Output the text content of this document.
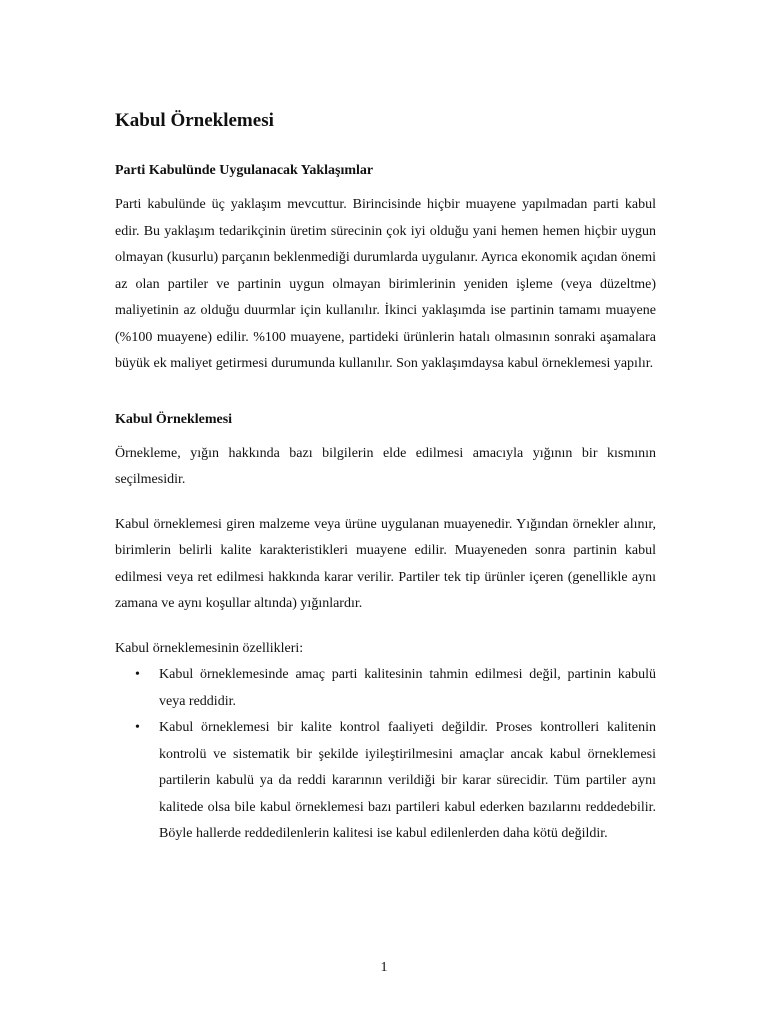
Kabul Örneklemesi
Parti Kabulünde Uygulanacak Yaklaşımlar

Parti kabulünde üç yaklaşım mevcuttur. Birincisinde hiçbir muayene yapılmadan parti kabul edir. Bu yaklaşım tedarikçinin üretim sürecinin çok iyi olduğu yani hemen hemen hiçbir uygun olmayan (kusurlu) parçanın beklenmediği durumlarda uygulanır. Ayrıca ekonomik açıdan önemi az olan partiler ve partinin uygun olmayan birimlerinin yeniden işleme (veya düzeltme) maliyetinin az olduğu duurmlar için kullanılır. İkinci yaklaşımda ise partinin tamamı muayene (%100 muayene) edilir. %100 muayene, partideki ürünlerin hatalı olmasının sonraki aşamalara büyük ek maliyet getirmesi durumunda kullanılır. Son yaklaşımdaysa kabul örneklemesi yapılır.

Kabul Örneklemesi

Örnekleme, yığın hakkında bazı bilgilerin elde edilmesi amacıyla yığının bir kısmının seçilmesidir.

Kabul örneklemesi giren malzeme veya ürüne uygulanan muayenedir. Yığından örnekler alınır, birimlerin belirli kalite karakteristikleri muayene edilir. Muayeneden sonra partinin kabul edilmesi veya ret edilmesi hakkında karar verilir. Partiler tek tip ürünler içeren (genellikle aynı zamana ve aynı koşullar altında) yığınlardır.

Kabul örneklemesinin özellikleri:

• Kabul örneklemesinde amaç parti kalitesinin tahmin edilmesi değil, partinin kabulü veya reddidir.
• Kabul örneklemesi bir kalite kontrol faaliyeti değildir. Proses kontrolleri kalitenin kontrolü ve sistematik bir şekilde iyileştirilmesini amaçlar ancak kabul örneklemesi partilerin kabulü ya da reddi kararının verildiği bir karar sürecidir. Tüm partiler aynı kalitede olsa bile kabul örneklemesi bazı partileri kabul ederken bazılarını reddedebilir. Böyle hallerde reddedilenlerin kalitesi ise kabul edilenlerden daha kötü değildir.
1
